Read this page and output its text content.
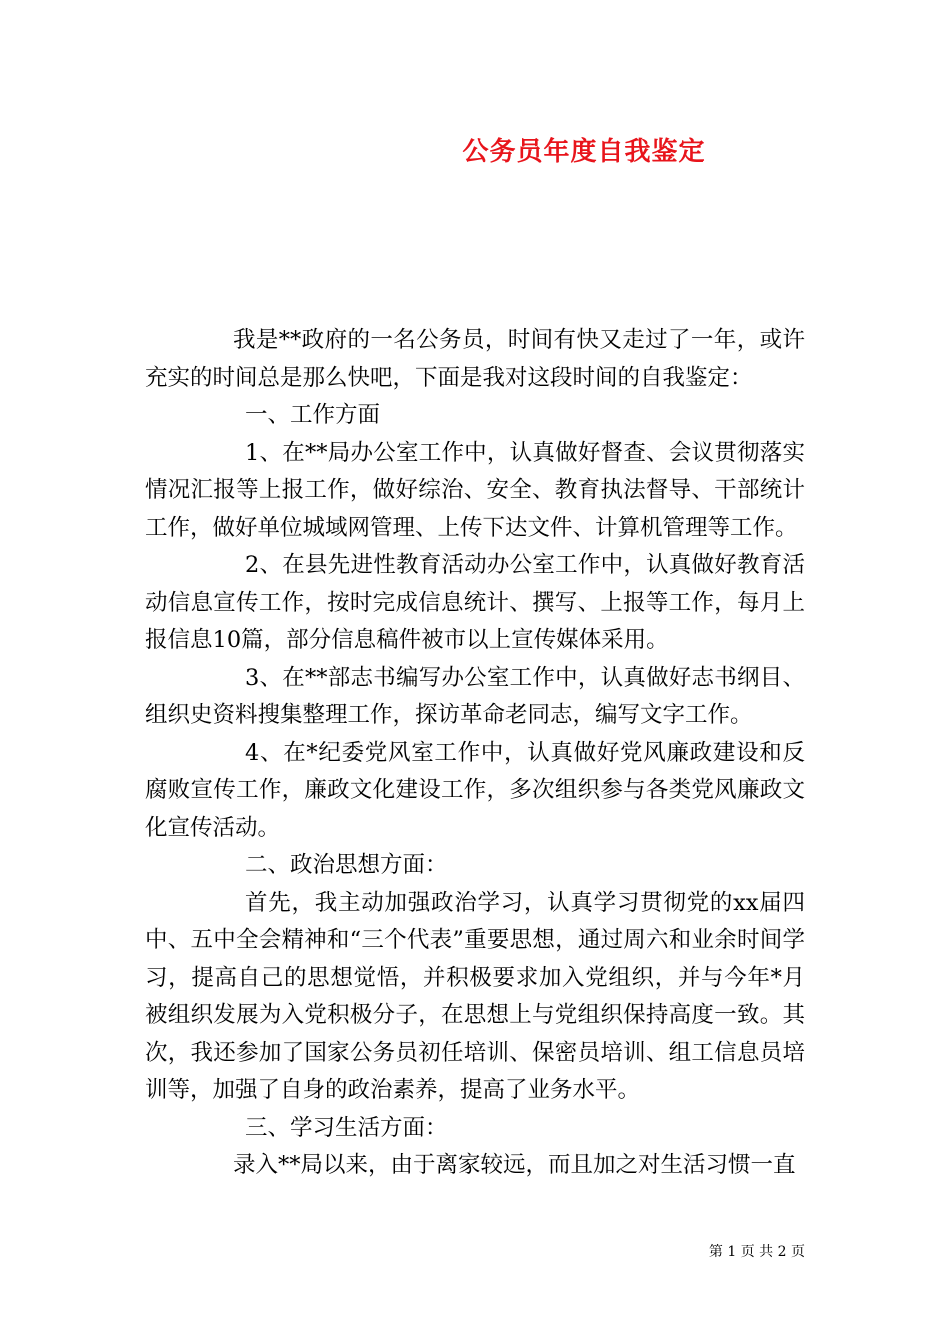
公务员年度自我鉴定

我是**政府的一名公务员，时间有快又走过了一年，或许充实的时间总是那么快吧，下面是我对这段时间的自我鉴定：

一、工作方面

1、在**局办公室工作中，认真做好督查、会议贯彻落实情况汇报等上报工作，做好综治、安全、教育执法督导、干部统计工作，做好单位城域网管理、上传下达文件、计算机管理等工作。

2、在县先进性教育活动办公室工作中，认真做好教育活动信息宣传工作，按时完成信息统计、撰写、上报等工作，每月上报信息10篇，部分信息稿件被市以上宣传媒体采用。

3、在**部志书编写办公室工作中，认真做好志书纲目、组织史资料搜集整理工作，探访革命老同志，编写文字工作。

4、在*纪委党风室工作中，认真做好党风廉政建设和反腐败宣传工作，廉政文化建设工作，多次组织参与各类党风廉政文化宣传活动。

二、政治思想方面：

首先，我主动加强政治学习，认真学习贯彻党的xx届四中、五中全会精神和“三个代表”重要思想，通过周六和业余时间学习，提高自己的思想觉悟，并积极要求加入党组织，并与今年*月被组织发展为入党积极分子，在思想上与党组织保持高度一致。其次，我还参加了国家公务员初任培训、保密员培训、组工信息员培训等，加强了自身的政治素养，提高了业务水平。

三、学习生活方面：

录入**局以来，由于离家较远，而且加之对生活习惯一直

第 1 页 共 2 页
